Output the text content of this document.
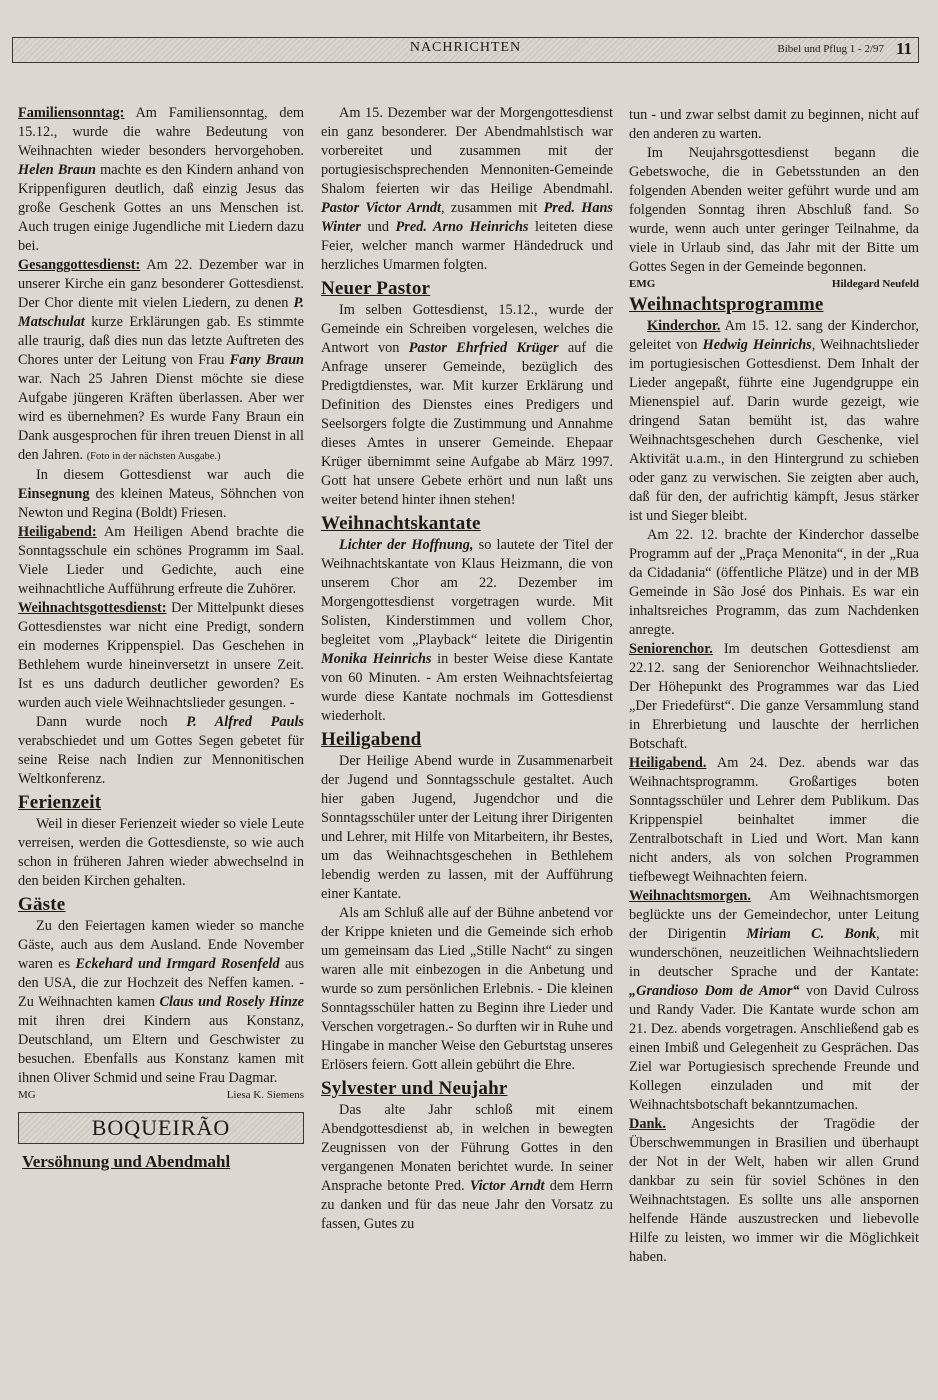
NACHRICHTEN	Bibel und Pflug 1 - 2/97 11

Familiensonntag: Am Familiensonntag, dem 15.12., wurde die wahre Bedeutung von Weihnachten wieder besonders hervorgehoben. Helen Braun machte es den Kindern anhand von Krippenfiguren deutlich, daß einzig Jesus das große Geschenk Gottes an uns Menschen ist. Auch trugen einige Jugendliche mit Liedern dazu bei.

Gesanggottesdienst: Am 22. Dezember war in unserer Kirche ein ganz besonderer Gottesdienst. Der Chor diente mit vielen Liedern, zu denen P. Matschulat kurze Erklärungen gab. Es stimmte alle traurig, daß dies nun das letzte Auftreten des Chores unter der Leitung von Frau Fany Braun war. Nach 25 Jahren Dienst möchte sie diese Aufgabe jüngeren Kräften überlassen. Aber wer wird es übernehmen? Es wurde Fany Braun ein Dank ausgesprochen für ihren treuen Dienst in all den Jahren. (Foto in der nächsten Ausgabe.)

In diesem Gottesdienst war auch die Einsegnung des kleinen Mateus, Söhnchen von Newton und Regina (Boldt) Friesen.

Heiligabend: Am Heiligen Abend brachte die Sonntagsschule ein schönes Programm im Saal. Viele Lieder und Gedichte, auch eine weihnachtliche Aufführung erfreute die Zuhörer.

Weihnachtsgottesdienst: Der Mittelpunkt dieses Gottesdienstes war nicht eine Predigt, sondern ein modernes Krippenspiel. Das Geschehen in Bethlehem wurde hineinversetzt in unsere Zeit. Ist es uns dadurch deutlicher geworden? Es wurden auch viele Weihnachtslieder gesungen. -

Dann wurde noch P. Alfred Pauls verabschiedet und um Gottes Segen gebetet für seine Reise nach Indien zur Mennonitischen Weltkonferenz.

Ferienzeit

Weil in dieser Ferienzeit wieder so viele Leute verreisen, werden die Gottesdienste, so wie auch schon in früheren Jahren wieder abwechselnd in den beiden Kirchen gehalten.

Gäste

Zu den Feiertagen kamen wieder so manche Gäste, auch aus dem Ausland. Ende November waren es Eckehard und Irmgard Rosenfeld aus den USA, die zur Hochzeit des Neffen kamen. - Zu Weihnachten kamen Claus und Rosely Hinze mit ihren drei Kindern aus Konstanz, Deutschland, um Eltern und Geschwister zu besuchen. Ebenfalls aus Konstanz kamen mit ihnen Oliver Schmid und seine Frau Dagmar.

MG	Liesa K. Siemens
BOQUEIRÃO
Versöhnung und Abendmahl

Am 15. Dezember war der Morgengottesdienst ein ganz besonderer. Der Abendmahlstisch war vorbereitet und zusammen mit der portugiesischsprechenden Mennoniten-Gemeinde Shalom feierten wir das Heilige Abendmahl. Pastor Victor Arndt, zusammen mit Pred. Hans Winter und Pred. Arno Heinrichs leiteten diese Feier, welcher manch warmer Händedruck und herzliches Umarmen folgten.

Neuer Pastor

Im selben Gottesdienst, 15.12., wurde der Gemeinde ein Schreiben vorgelesen, welches die Antwort von Pastor Ehrfried Krüger auf die Anfrage unserer Gemeinde, bezüglich des Predigtdienstes, war. Mit kurzer Erklärung und Definition des Dienstes eines Predigers und Seelsorgers folgte die Zustimmung und Annahme dieses Amtes in unserer Gemeinde. Ehepaar Krüger übernimmt seine Aufgabe ab März 1997. Gott hat unsere Gebete erhört und nun laßt uns weiter betend hinter ihnen stehen!

Weihnachtskantate

Lichter der Hoffnung, so lautete der Titel der Weihnachtskantate von Klaus Heizmann, die von unserem Chor am 22. Dezember im Morgengottesdienst vorgetragen wurde. Mit Solisten, Kinderstimmen und vollem Chor, begleitet vom „Playback“ leitete die Dirigentin Monika Heinrichs in bester Weise diese Kantate von 60 Minuten. - Am ersten Weihnachtsfeiertag wurde diese Kantate nochmals im Gottesdienst wiederholt.

Heiligabend

Der Heilige Abend wurde in Zusammenarbeit der Jugend und Sonntagsschule gestaltet. Auch hier gaben Jugend, Jugendchor und die Sonntagsschüler unter der Leitung ihrer Dirigenten und Lehrer, mit Hilfe von Mitarbeitern, ihr Bestes, um das Weihnachtsgeschehen in Bethlehem lebendig werden zu lassen, mit der Aufführung einer Kantate.

Als am Schluß alle auf der Bühne anbetend vor der Krippe knieten und die Gemeinde sich erhob um gemeinsam das Lied „Stille Nacht“ zu singen waren alle mit einbezogen in die Anbetung und wurde so zum persönlichen Erlebnis. - Die kleinen Sonntagsschüler hatten zu Beginn ihre Lieder und Verschen vorgetragen.- So durften wir in Ruhe und Hingabe in mancher Weise den Geburtstag unseres Erlösers feiern. Gott allein gebührt die Ehre.

Sylvester und Neujahr

Das alte Jahr schloß mit einem Abendgottesdienst ab, in welchen in bewegten Zeugnissen von der Führung Gottes in den vergangenen Monaten berichtet wurde. In seiner Ansprache betonte Pred. Victor Arndt dem Herrn zu danken und für das neue Jahr den Vorsatz zu fassen, Gutes zu

tun - und zwar selbst damit zu beginnen, nicht auf den anderen zu warten.

Im Neujahrsgottesdienst begann die Gebetswoche, die in Gebetsstunden an den folgenden Abenden weiter geführt wurde und am folgenden Sonntag ihren Abschluß fand. So wurde, wenn auch unter geringer Teilnahme, da viele in Urlaub sind, das Jahr mit der Bitte um Gottes Segen in der Gemeinde begonnen.

EMG	Hildegard Neufeld
Weihnachtsprogramme

Kinderchor. Am 15. 12. sang der Kinderchor, geleitet von Hedwig Heinrichs, Weihnachtslieder im portugiesischen Gottesdienst. Dem Inhalt der Lieder angepaßt, führte eine Jugendgruppe ein Mienenspiel auf. Darin wurde gezeigt, wie dringend Satan bemüht ist, das wahre Weihnachtsgeschehen durch Geschenke, viel Aktivität u.a.m., in den Hintergrund zu schieben oder ganz zu verwischen. Sie zeigten aber auch, daß für den, der aufrichtig kämpft, Jesus stärker ist und Sieger bleibt.

Am 22. 12. brachte der Kinderchor dasselbe Programm auf der „Praça Menonita“, in der „Rua da Cidadania“ (öffentliche Plätze) und in der MB Gemeinde in São José dos Pinhais. Es war ein inhaltsreiches Programm, das zum Nachdenken anregte.

Seniorenchor. Im deutschen Gottesdienst am 22.12. sang der Seniorenchor Weihnachtslieder. Der Höhepunkt des Programmes war das Lied „Der Friedefürst“. Die ganze Versammlung stand in Ehrerbietung und lauschte der herrlichen Botschaft.

Heiligabend. Am 24. Dez. abends war das Weihnachtsprogramm. Großartiges boten Sonntagsschüler und Lehrer dem Publikum. Das Krippenspiel beinhaltet immer die Zentralbotschaft in Lied und Wort. Man kann nicht anders, als von solchen Programmen tiefbewegt Weihnachten feiern.

Weihnachtsmorgen. Am Weihnachtsmorgen beglückte uns der Gemeindechor, unter Leitung der Dirigentin Miriam C. Bonk, mit wunderschönen, neuzeitlichen Weihnachtsliedern in deutscher Sprache und der Kantate: „Grandioso Dom de Amor“ von David Culross und Randy Vader. Die Kantate wurde schon am 21. Dez. abends vorgetragen. Anschließend gab es einen Imbiß und Gelegenheit zu Gesprächen. Das Ziel war Portugiesisch sprechende Freunde und Kollegen einzuladen und mit der Weihnachtsbotschaft bekanntzumachen.

Dank. Angesichts der Tragödie der Überschwemmungen in Brasilien und überhaupt der Not in der Welt, haben wir allen Grund dankbar zu sein für soviel Schönes in den Weihnachtstagen. Es sollte uns alle anspornen helfende Hände auszustrecken und liebevolle Hilfe zu leisten, wo immer wir die Möglichkeit haben.
